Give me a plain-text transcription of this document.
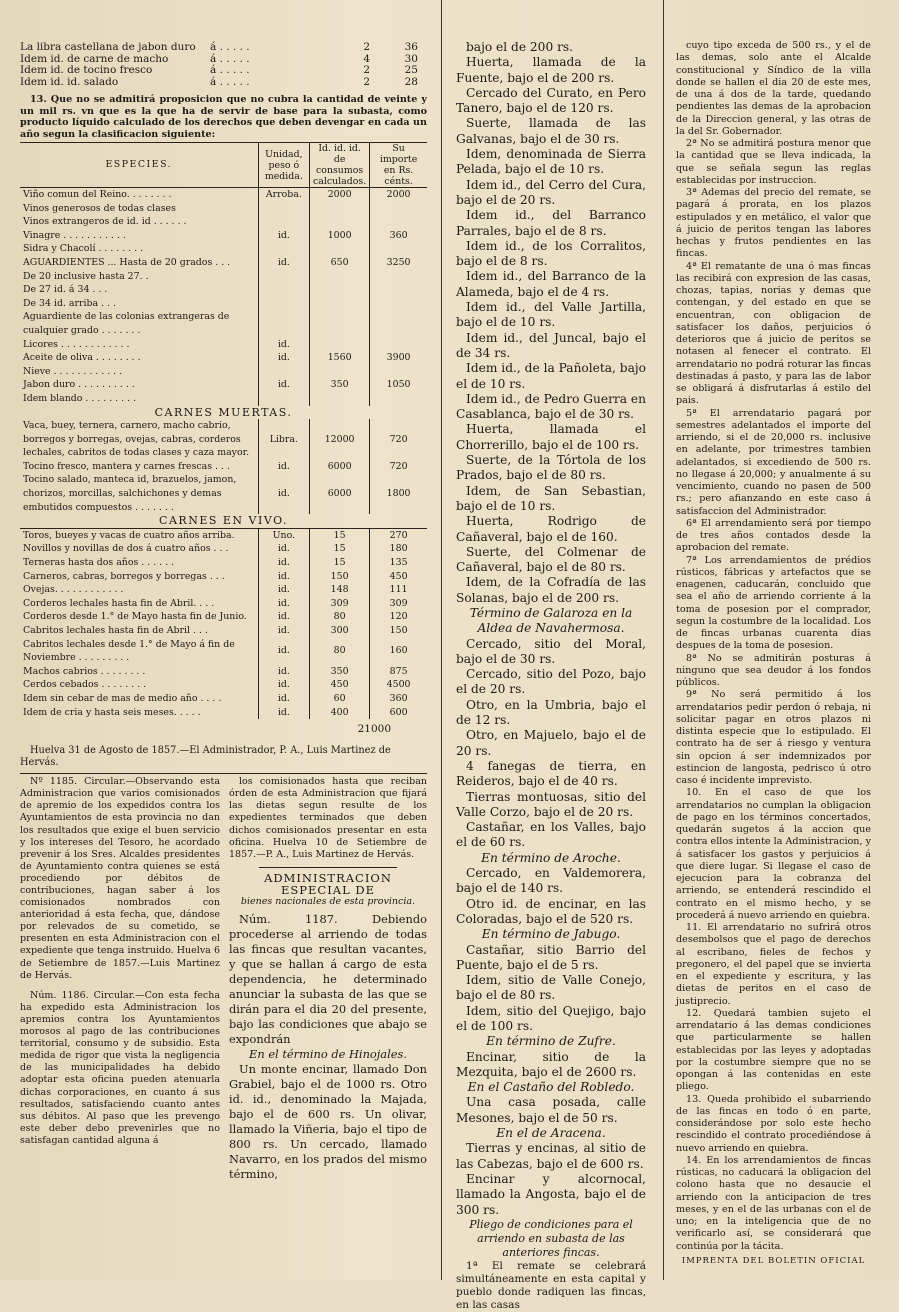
La libra castellana de jabon duro	á . . . . .	2	36
Idem id. de carne de macho	á . . . . .	4	30
Idem id. de tocino fresco	á . . . . .	2	25
Idem id. id. salado	á . . . . .	2	28

13. Que no se admitirá proposicion que no cubra la cantidad de veinte y un mil rs. vn que es la que ha de servir de base para la subasta, como producto líquido calculado de los derechos que deben devengar en cada un año segun la clasificacion siguiente:

ESPECIES.	Unidad, peso ó medida.	Id. id. id. de consumos calculados.	Su importe en Rs. cénts.
Viño comun del Reino. . . . . . . .	Arroba.	2000	2000
Vinos generosos de todas clases			
Vinos extrangeros de id. id . . . . . .			
Vinagre . . . . . . . . . . .	id.	1000	360
Sidra y Chacolí . . . . . . . .			
AGUARDIENTES ... Hasta de 20 grados . . .	id.	650	3250
De 20 inclusive hasta 27. .			
De 27 id. á 34 . . .			
De 34 id. arriba . . .			
Aguardiente de las colonias extrangeras de cualquier grado . . . . . . .			
Licores . . . . . . . . . . . .	id.		
Aceite de oliva . . . . . . . .	id.	1560	3900
Nieve . . . . . . . . . . . .			
Jabon duro . . . . . . . . . .	id.	350	1050
Idem blando . . . . . . . . .			
CARNES MUERTAS.			
Vaca, buey, ternera, carnero, macho cabrio, borregos y borregas, ovejas, cabras, corderos lechales, cabritos de todas clases y caza mayor.	Libra.	12000	720
Tocino fresco, mantera y carnes frescas . . .	id.	6000	720
Tocino salado, manteca id, brazuelos, jamon, chorizos, morcillas, salchichones y demas embutidos compuestos . . . . . . .	id.	6000	1800
CARNES EN VIVO.			
Toros, bueyes y vacas de cuatro años arriba.	Uno.	15	270
Novillos y novillas de dos á cuatro años . . .	id.	15	180
Terneras hasta dos años . . . . . .	id.	15	135
Carneros, cabras, borregos y borregas . . .	id.	150	450
Ovejas. . . . . . . . . . . .	id.	148	111
Corderos lechales hasta fin de Abril. . . .	id.	309	309
Corderos desde 1.° de Mayo hasta fin de Junio.	id.	80	120
Cabritos lechales hasta fin de Abril . . .	id.	300	150
Cabritos lechales desde 1.° de Mayo á fin de Noviembre . . . . . . . . .	id.	80	160
Machos cabrios . . . . . . . .	id.	350	875
Cerdos cebados . . . . . . . .	id.	450	4500
Idem sin cebar de mas de medio año . . . .	id.	60	360
Idem de cria y hasta seis meses. . . . .	id.	400	600
21000

Huelva 31 de Agosto de 1857.—El Administrador, P. A., Luis Martinez de Hervás.

Nº 1185. Circular.—Observando esta Administracion que varios comisionados de apremio de los expedidos contra los Ayuntamientos de esta provincia no dan los resultados que exige el buen servicio y los intereses del Tesoro, he acordado prevenir á los Sres. Alcaldes presidentes de Ayuntamiento contra quienes se está procediendo por débitos de contribuciones, hagan saber á los comisionados nombrados con anterioridad á esta fecha, que, dándose por relevados de su cometido, se presenten en esta Administracion con el expediente que tenga instruido. Huelva 6 de Setiembre de 1857.—Luis Martinez de Hervás.

Núm. 1186. Circular.—Con esta fecha ha expedido esta Administracion los apremios contra los Ayuntamientos morosos al pago de las contribuciones territorial, consumo y de subsidio. Esta medida de rigor que vista la negligencia de las municipalidades ha debido adoptar esta oficina pueden atenuarla dichas corporaciones, en cuanto á sus resultados, satisfaciendo cuanto antes sus débitos. Al paso que les prevengo este deber debo prevenirles que no satisfagan cantidad alguna á

los comisionados hasta que reciban órden de esta Administracion que fijará las dietas segun resulte de los expedientes terminados que deben dichos comisionados presentar en esta oficina. Huelva 10 de Setiembre de 1857.—P. A., Luis Martinez de Hervás.

ADMINISTRACION ESPECIAL DE
bienes nacionales de esta provincia.

Núm. 1187. Debiendo procederse al arriendo de todas las fincas que resultan vacantes, y que se hallan á cargo de esta dependencia, he determinado anunciar la subasta de las que se dirán para el dia 20 del presente, bajo las condiciones que abajo se expondrán

En el término de Hinojales.

Un monte encinar, llamado Don Grabiel, bajo el de 1000 rs. Otro id. id., denominado la Majada, bajo el de 600 rs. Un olivar, llamado la Viñeria, bajo el tipo de 800 rs. Un cercado, llamado Navarro, en los prados del mismo término,

bajo el de 200 rs.

Huerta, llamada de la Fuente, bajo el de 200 rs.

Cercado del Curato, en Pero Tanero, bajo el de 120 rs.

Suerte, llamada de las Galvanas, bajo el de 30 rs.

Idem, denominada de Sierra Pelada, bajo el de 10 rs.

Idem id., del Cerro del Cura, bajo el de 20 rs.

Idem id., del Barranco Parrales, bajo el de 8 rs.

Idem id., de los Corralitos, bajo el de 8 rs.

Idem id., del Barranco de la Alameda, bajo el de 4 rs.

Idem id., del Valle Jartilla, bajo el de 10 rs.

Idem id., del Juncal, bajo el de 34 rs.

Idem id., de la Pañoleta, bajo el de 10 rs.

Idem id., de Pedro Guerra en Casablanca, bajo el de 30 rs.

Huerta, llamada el Chorrerillo, bajo el de 100 rs.

Suerte, de la Tórtola de los Prados, bajo el de 80 rs.

Idem, de San Sebastian, bajo el de 10 rs.

Huerta, Rodrigo de Cañaveral, bajo el de 160.

Suerte, del Colmenar de Cañaveral, bajo el de 80 rs.

Idem, de la Cofradía de las Solanas, bajo el de 200 rs.

Término de Galaroza en la Aldea de Navahermosa.

Cercado, sitio del Moral, bajo el de 30 rs.

Cercado, sitio del Pozo, bajo el de 20 rs.

Otro, en la Umbria, bajo el de 12 rs.

Otro, en Majuelo, bajo el de 20 rs.

4 fanegas de tierra, en Reideros, bajo el de 40 rs.

Tierras montuosas, sitio del Valle Corzo, bajo el de 20 rs.

Castañar, en los Valles, bajo el de 60 rs.

En término de Aroche.

Cercado, en Valdemorera, bajo el de 140 rs.

Otro id. de encinar, en las Coloradas, bajo el de 520 rs.

En término de Jabugo.

Castañar, sitio Barrio del Puente, bajo el de 5 rs.

Idem, sitio de Valle Conejo, bajo el de 80 rs.

Idem, sitio del Quejigo, bajo el de 100 rs.

En término de Zufre.

Encinar, sitio de la Mezquita, bajo el de 2600 rs.

En el Castaño del Robledo.

Una casa posada, calle Mesones, bajo el de 50 rs.

En el de Aracena.

Tierras y encinas, al sitio de las Cabezas, bajo el de 600 rs.

Encinar y alcornocal, llamado la Angosta, bajo el de 300 rs.

Pliego de condiciones para el arriendo en subasta de las anteriores fincas.

1ª El remate se celebrará simultáneamente en esta capital y pueblo donde radiquen las fincas, en las casas

cuyo tipo exceda de 500 rs., y el de las demas, solo ante el Alcalde constitucional y Síndico de la villa donde se hallen el dia 20 de este mes, de una á dos de la tarde, quedando pendientes las demas de la aprobacion de la Direccion general, y las otras de la del Sr. Gobernador.

2ª No se admitirá postura menor que la cantidad que se lleva indicada, la que se señala segun las reglas establecidas por instruccion.

3ª Ademas del precio del remate, se pagará á prorata, en los plazos estipulados y en metálico, el valor que á juicio de peritos tengan las labores hechas y frutos pendientes en las fincas.

4ª El rematante de una ó mas fincas las recibirá con expresion de las casas, chozas, tapias, norias y demas que contengan, y del estado en que se encuentran, con obligacion de satisfacer los daños, perjuicios ó deterioros que á juicio de peritos se notasen al fenecer el contrato. El arrendatario no podrá roturar las fincas destinadas á pasto, y para las de labor se obligará á disfrutarlas á estilo del pais.

5ª El arrendatario pagará por semestres adelantados el importe del arriendo, si el de 20,000 rs. inclusive en adelante, por trimestres tambien adelantados, si excediendo de 500 rs. no llegase á 20,000; y anualmente á su vencimiento, cuando no pasen de 500 rs.; pero afianzando en este caso á satisfaccion del Administrador.

6ª El arrendamiento será por tiempo de tres años contados desde la aprobacion del remate.

7ª Los arrendamientos de prédios rústicos, fábricas y artefactos que se enagenen, caducarán, concluido que sea el año de arriendo corriente á la toma de posesion por el comprador, segun la costumbre de la localidad. Los de fincas urbanas cuarenta dias despues de la toma de posesion.

8ª No se admitirán posturas á ninguno que sea deudor á los fondos públicos.

9ª No será permitido á los arrendatarios pedir perdon ó rebaja, ni solicitar pagar en otros plazos ni distinta especie que lo estipulado. El contrato ha de ser á riesgo y ventura sin opcion á ser indemnizados por estincion de langosta, pedrisco ú otro caso é incidente imprevisto.

10. En el caso de que los arrendatarios no cumplan la obligacion de pago en los términos concertados, quedarán sugetos á la accion que contra ellos intente la Administracion, y á satisfacer los gastos y perjuicios á que diere lugar. Si llegase el caso de ejecucion para la cobranza del arriendo, se entenderá rescindido el contrato en el mismo hecho, y se procederá á nuevo arriendo en quiebra.

11. El arrendatario no sufrirá otros desembolsos que el pago de derechos al escribano, fieles de fechos y pregonero, el del papel que se invierta en el expediente y escritura, y las dietas de peritos en el caso de justiprecio.

12. Quedará tambien sujeto el arrendatario á las demas condiciones que particularmente se hallen establecidas por las leyes y adoptadas por la costumbre siempre que no se opongan á las contenidas en este pliego.

13. Queda prohibido el subarriendo de las fincas en todo ó en parte, considerándose por solo este hecho rescindido el contrato procediéndose á nuevo arriendo en quiebra.

14. En los arrendamientos de fincas rústicas, no caducará la obligacion del colono hasta que no desaucie el arriendo con la anticipacion de tres meses, y en el de las urbanas con el de uno; en la inteligencia que de no verificarlo así, se considerará que continúa por la tácita.

IMPRENTA DEL BOLETIN OFICIAL
